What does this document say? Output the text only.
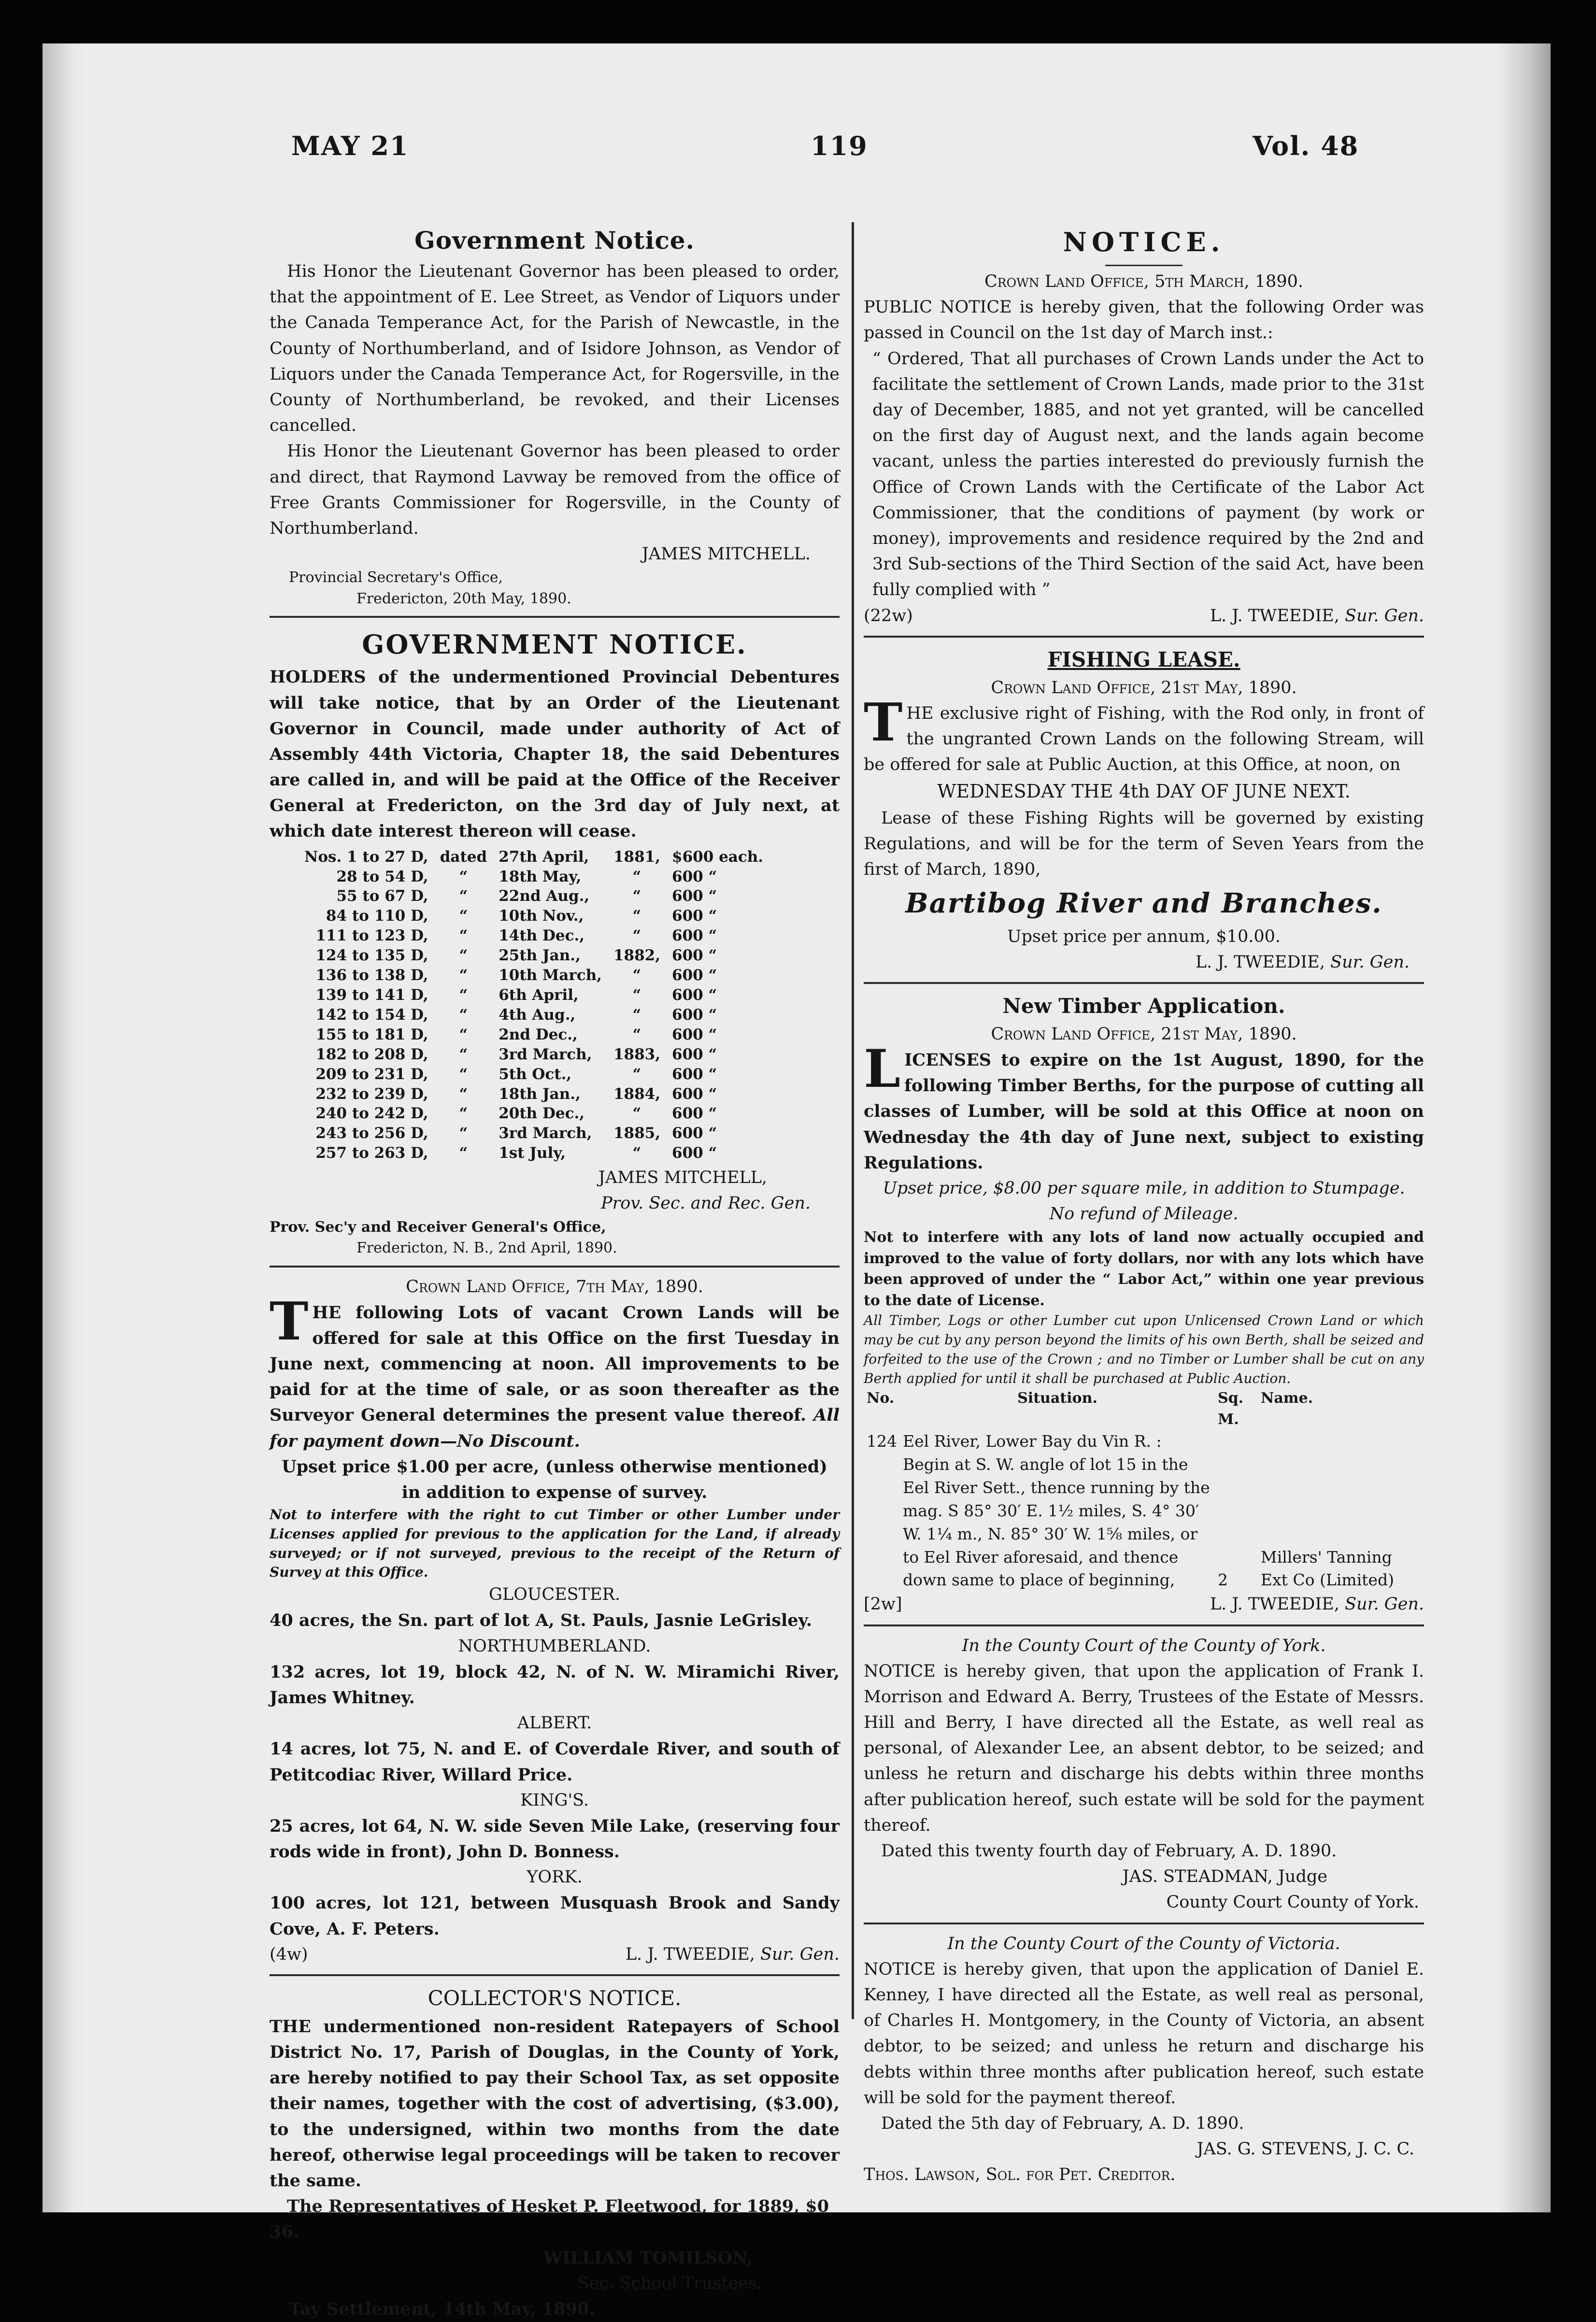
MAY 21	119	Vol. 48

Government Notice.

His Honor the Lieutenant Governor has been pleased to order, that the appointment of E. Lee Street, as Vendor of Liquors under the Canada Temperance Act, for the Parish of Newcastle, in the County of Northumberland, and of Isidore Johnson, as Vendor of Liquors under the Canada Temperance Act, for Rogersville, in the County of Northumberland, be revoked, and their Licenses cancelled.

His Honor the Lieutenant Governor has been pleased to order and direct, that Raymond Lavway be removed from the office of Free Grants Commissioner for Rogersville, in the County of Northumberland.

JAMES MITCHELL.

Provincial Secretary's Office,

Fredericton, 20th May, 1890.

GOVERNMENT NOTICE.

HOLDERS of the undermentioned Provincial Debentures will take notice, that by an Order of the Lieutenant Governor in Council, made under authority of Act of Assembly 44th Victoria, Chapter 18, the said Debentures are called in, and will be paid at the Office of the Receiver General at Fredericton, on the 3rd day of July next, at which date interest thereon will cease.

Nos. 1 to 27 D,	dated	27th April,	1881,	$600 each.
28 to 54 D,	“	18th May,	“	600 “
55 to 67 D,	“	22nd Aug.,	“	600 “
84 to 110 D,	“	10th Nov.,	“	600 “
111 to 123 D,	“	14th Dec.,	“	600 “
124 to 135 D,	“	25th Jan.,	1882,	600 “
136 to 138 D,	“	10th March,	“	600 “
139 to 141 D,	“	6th April,	“	600 “
142 to 154 D,	“	4th Aug.,	“	600 “
155 to 181 D,	“	2nd Dec.,	“	600 “
182 to 208 D,	“	3rd March,	1883,	600 “
209 to 231 D,	“	5th Oct.,	“	600 “
232 to 239 D,	“	18th Jan.,	1884,	600 “
240 to 242 D,	“	20th Dec.,	“	600 “
243 to 256 D,	“	3rd March,	1885,	600 “
257 to 263 D,	“	1st July,	“	600 “

JAMES MITCHELL,

Prov. Sec. and Rec. Gen.

Prov. Sec'y and Receiver General's Office,

Fredericton, N. B., 2nd April, 1890.

Crown Land Office, 7th May, 1890.

THE following Lots of vacant Crown Lands will be offered for sale at this Office on the first Tuesday in June next, commencing at noon. All improvements to be paid for at the time of sale, or as soon thereafter as the Surveyor General determines the present value thereof. All for payment down—No Discount.

Upset price $1.00 per acre, (unless otherwise mentioned) in addition to expense of survey.

Not to interfere with the right to cut Timber or other Lumber under Licenses applied for previous to the application for the Land, if already surveyed; or if not surveyed, previous to the receipt of the Return of Survey at this Office.

GLOUCESTER.

40 acres, the Sn. part of lot A, St. Pauls, Jasnie LeGrisley.

NORTHUMBERLAND.

132 acres, lot 19, block 42, N. of N. W. Miramichi River, James Whitney.

ALBERT.

14 acres, lot 75, N. and E. of Coverdale River, and south of Petitcodiac River, Willard Price.

KING'S.

25 acres, lot 64, N. W. side Seven Mile Lake, (reserving four rods wide in front), John D. Bonness.

YORK.

100 acres, lot 121, between Musquash Brook and Sandy Cove, A. F. Peters.

(4w)	L. J. TWEEDIE, Sur. Gen.

COLLECTOR'S NOTICE.

THE undermentioned non-resident Ratepayers of School District No. 17, Parish of Douglas, in the County of York, are hereby notified to pay their School Tax, as set opposite their names, together with the cost of advertising, ($3.00), to the undersigned, within two months from the date hereof, otherwise legal proceedings will be taken to recover the same.

The Representatives of Hesket P. Fleetwood, for 1889, $0 36.

WILLIAM TOMILSON,

Sec. School Trustees.

Tay Settlement, 14th May, 1890.

NOTICE.

Crown Land Office, 5th March, 1890.

PUBLIC NOTICE is hereby given, that the following Order was passed in Council on the 1st day of March inst.:

“ Ordered, That all purchases of Crown Lands under the Act to facilitate the settlement of Crown Lands, made prior to the 31st day of December, 1885, and not yet granted, will be cancelled on the first day of August next, and the lands again become vacant, unless the parties interested do previously furnish the Office of Crown Lands with the Certificate of the Labor Act Commissioner, that the conditions of payment (by work or money), improvements and residence required by the 2nd and 3rd Sub-sections of the Third Section of the said Act, have been fully complied with ”

(22w)	L. J. TWEEDIE, Sur. Gen.

FISHING LEASE.

Crown Land Office, 21st May, 1890.

THE exclusive right of Fishing, with the Rod only, in front of the ungranted Crown Lands on the following Stream, will be offered for sale at Public Auction, at this Office, at noon, on

WEDNESDAY THE 4th DAY OF JUNE NEXT.

Lease of these Fishing Rights will be governed by existing Regulations, and will be for the term of Seven Years from the first of March, 1890,

Bartibog River and Branches.

Upset price per annum, $10.00.

L. J. TWEEDIE, Sur. Gen.

New Timber Application.

Crown Land Office, 21st May, 1890.

LICENSES to expire on the 1st August, 1890, for the following Timber Berths, for the purpose of cutting all classes of Lumber, will be sold at this Office at noon on Wednesday the 4th day of June next, subject to existing Regulations.

Upset price, $8.00 per square mile, in addition to Stumpage.

No refund of Mileage.

Not to interfere with any lots of land now actually occupied and improved to the value of forty dollars, nor with any lots which have been approved of under the “ Labor Act,” within one year previous to the date of License.

All Timber, Logs or other Lumber cut upon Unlicensed Crown Land or which may be cut by any person beyond the limits of his own Berth, shall be seized and forfeited to the use of the Crown ; and no Timber or Lumber shall be cut on any Berth applied for until it shall be purchased at Public Auction.

No.	Situation.	Sq. M.	Name.
124	Eel River, Lower Bay du Vin R. : Begin at S. W. angle of lot 15 in the Eel River Sett., thence running by the mag. S 85° 30′ E. 1½ miles, S. 4° 30′ W. 1¼ m., N. 85° 30′ W. 1⅝ miles, or to Eel River aforesaid, and thence down same to place of beginning,	2	Millers' Tanning Ext Co (Limited)
[2w]	L. J. TWEEDIE, Sur. Gen.

In the County Court of the County of York.

NOTICE is hereby given, that upon the application of Frank I. Morrison and Edward A. Berry, Trustees of the Estate of Messrs. Hill and Berry, I have directed all the Estate, as well real as personal, of Alexander Lee, an absent debtor, to be seized; and unless he return and discharge his debts within three months after publication hereof, such estate will be sold for the payment thereof.

Dated this twenty fourth day of February, A. D. 1890.

JAS. STEADMAN, Judge

County Court County of York.

In the County Court of the County of Victoria.

NOTICE is hereby given, that upon the application of Daniel E. Kenney, I have directed all the Estate, as well real as personal, of Charles H. Montgomery, in the County of Victoria, an absent debtor, to be seized; and unless he return and discharge his debts within three months after publication hereof, such estate will be sold for the payment thereof.

Dated the 5th day of February, A. D. 1890.

JAS. G. STEVENS, J. C. C.

Thos. Lawson, Sol. for Pet. Creditor.
